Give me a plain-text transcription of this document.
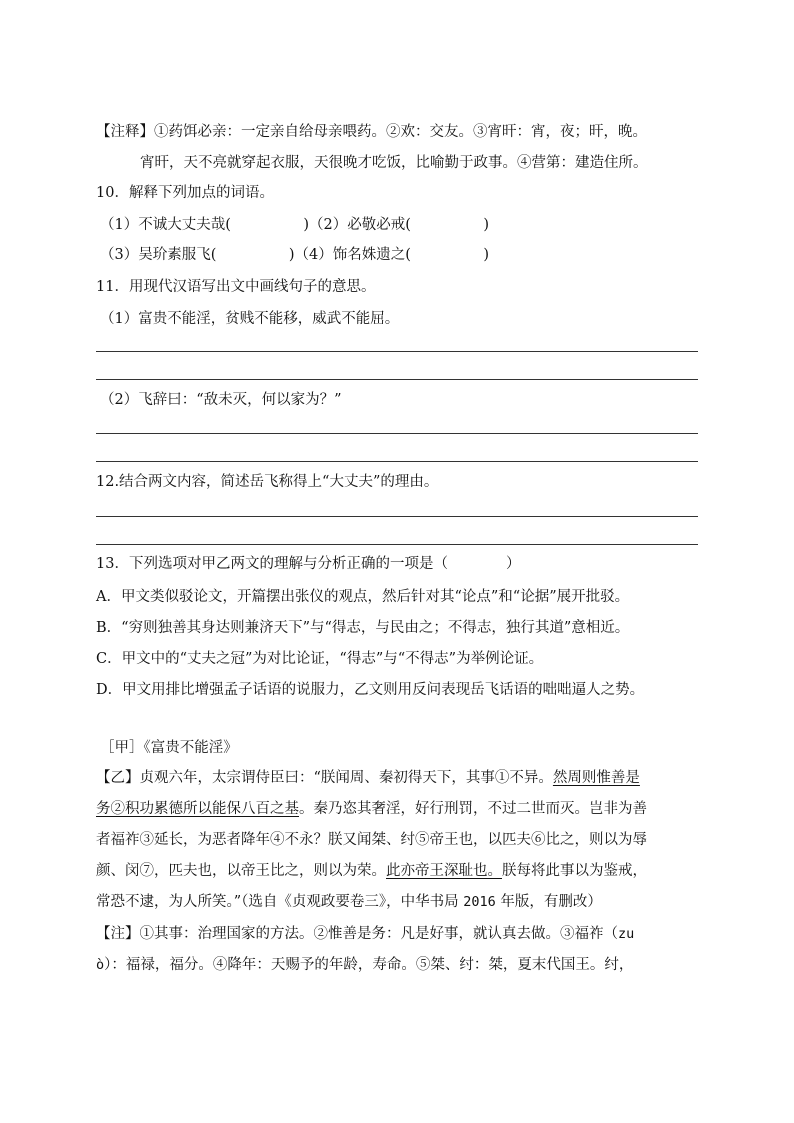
【注释】①药饵必亲：一定亲自给母亲喂药。②欢：交友。③宵旰：宵，夜；旰，晚。
宵旰，天不亮就穿起衣服，天很晚才吃饭，比喻勤于政事。④营第：建造住所。
10．解释下列加点的词语。
（1）不诚大丈夫哉(　　　　　)（2）必敬必戒(　　　　　)
（3）吴玠素服飞(　　　　　)（4）饰名姝遗之(　　　　　)
11．用现代汉语写出文中画线句子的意思。
（1）富贵不能淫，贫贱不能移，威武不能屈。
（2）飞辞曰：“敌未灭，何以家为？”
12.结合两文内容，简述岳飞称得上“大丈夫”的理由。
13．下列选项对甲乙两文的理解与分析正确的一项是（　　　　）
A．甲文类似驳论文，开篇摆出张仪的观点，然后针对其“论点”和“论据”展开批驳。
B．“穷则独善其身达则兼济天下”与“得志，与民由之；不得志，独行其道”意相近。
C．甲文中的“丈夫之冠”为对比论证，“得志”与“不得志”为举例论证。
D．甲文用排比增强孟子话语的说服力，乙文则用反问表现岳飞话语的咄咄逼人之势。
［甲］《富贵不能淫》
【乙】贞观六年，太宗谓侍臣曰：“朕闻周、秦初得天下，其事①不异。然周则惟善是
务②积功累德所以能保八百之基。秦乃恣其奢淫，好行刑罚，不过二世而灭。岂非为善
者福祚③延长，为恶者降年④不永？朕又闻桀、纣⑤帝王也，以匹夫⑥比之，则以为辱
颜、闵⑦，匹夫也，以帝王比之，则以为荣。此亦帝王深耻也。朕每将此事以为鉴戒，
常恐不逮，为人所笑。”（选自《贞观政要卷三》，中华书局 2016 年版，有删改）
【注】①其事：治理国家的方法。②惟善是务：凡是好事，就认真去做。③福祚（zu
ò）：福禄，福分。④降年：天赐予的年龄，寿命。⑤桀、纣：桀，夏末代国王。纣，
